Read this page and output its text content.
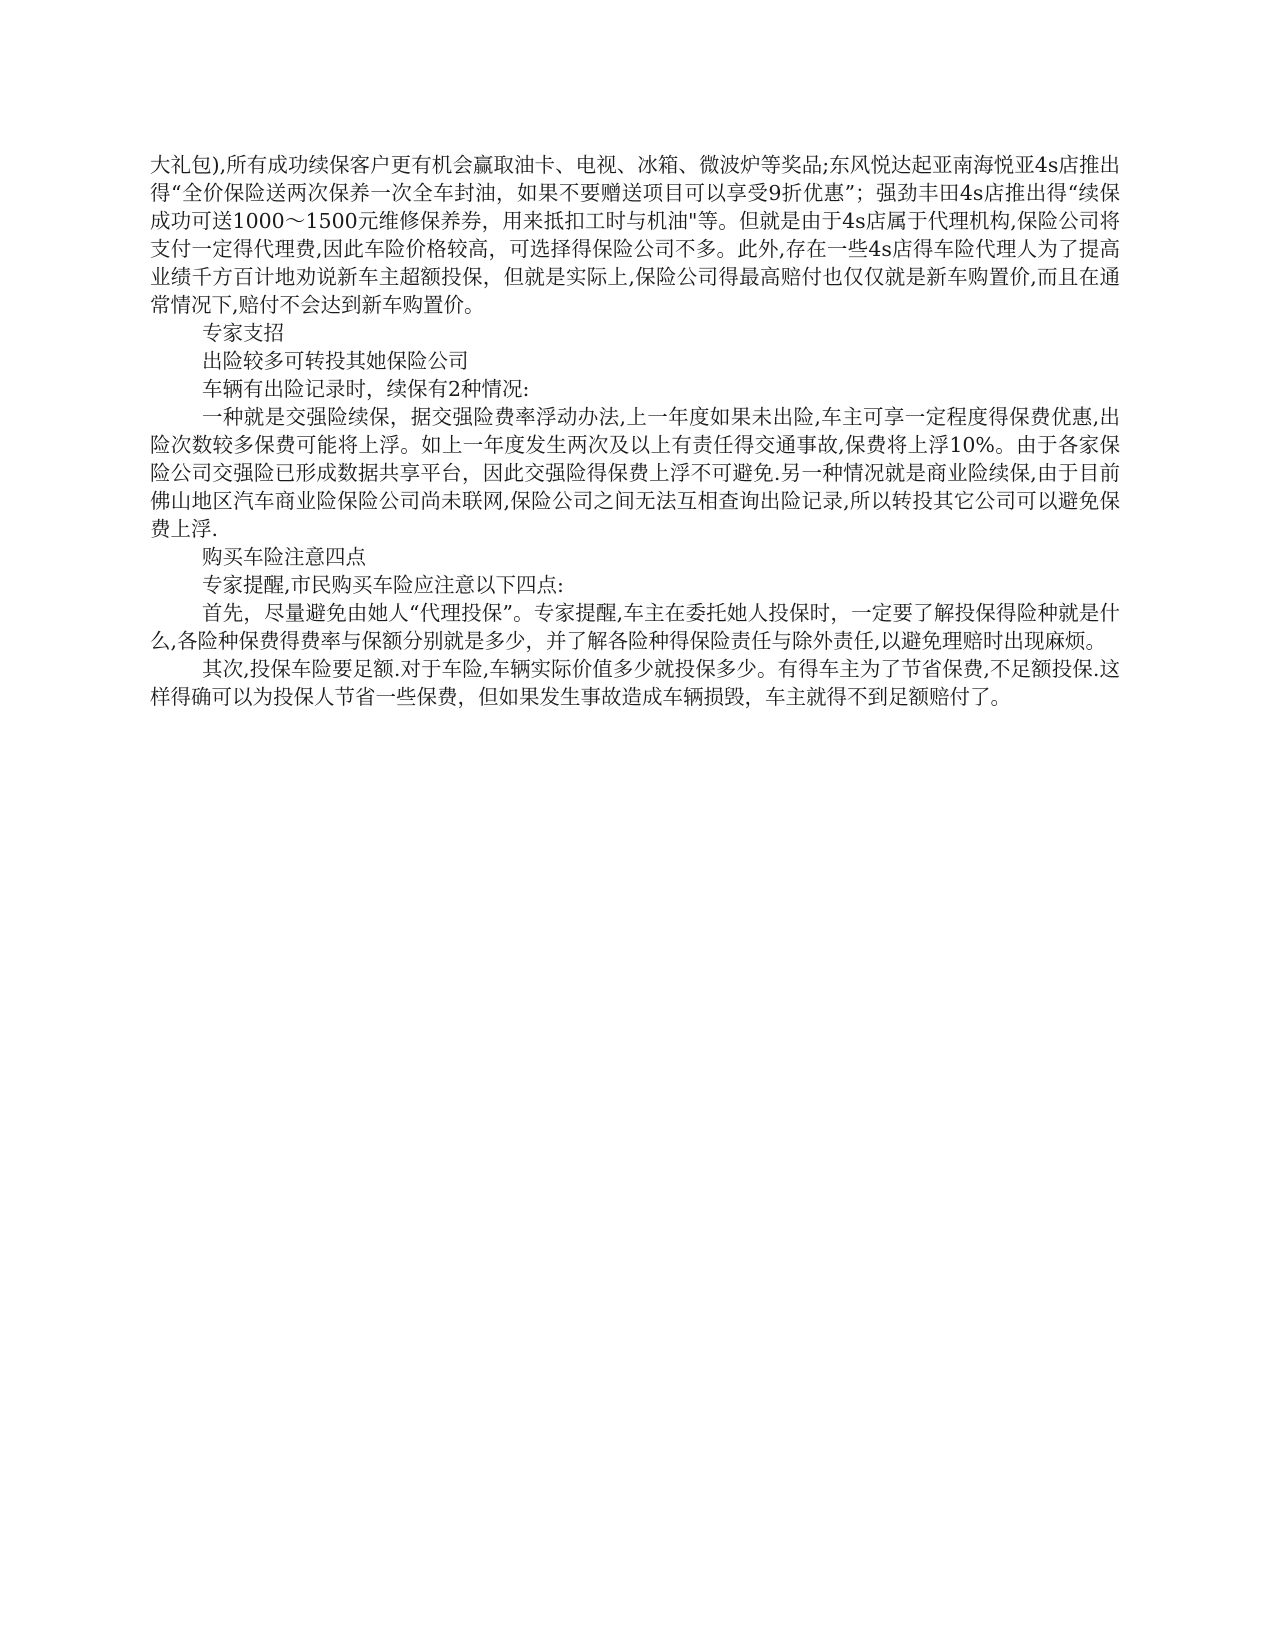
大礼包),所有成功续保客户更有机会赢取油卡、电视、冰箱、微波炉等奖品;东风悦达起亚南海悦亚4s店推出得“全价保险送两次保养一次全车封油，如果不要赠送项目可以享受9折优惠”；强劲丰田4s店推出得“续保成功可送1000～1500元维修保养券，用来抵扣工时与机油"等。但就是由于4s店属于代理机构,保险公司将支付一定得代理费,因此车险价格较高，可选择得保险公司不多。此外,存在一些4s店得车险代理人为了提高业绩千方百计地劝说新车主超额投保，但就是实际上,保险公司得最高赔付也仅仅就是新车购置价,而且在通常情况下,赔付不会达到新车购置价。

专家支招

出险较多可转投其她保险公司

车辆有出险记录时，续保有2种情况:

一种就是交强险续保，据交强险费率浮动办法,上一年度如果未出险,车主可享一定程度得保费优惠,出险次数较多保费可能将上浮。如上一年度发生两次及以上有责任得交通事故,保费将上浮10%。由于各家保险公司交强险已形成数据共享平台，因此交强险得保费上浮不可避免.另一种情况就是商业险续保,由于目前佛山地区汽车商业险保险公司尚未联网,保险公司之间无法互相查询出险记录,所以转投其它公司可以避免保费上浮.

购买车险注意四点

专家提醒,市民购买车险应注意以下四点:

首先，尽量避免由她人“代理投保”。专家提醒,车主在委托她人投保时，一定要了解投保得险种就是什么,各险种保费得费率与保额分别就是多少，并了解各险种得保险责任与除外责任,以避免理赔时出现麻烦。

其次,投保车险要足额.对于车险,车辆实际价值多少就投保多少。有得车主为了节省保费,不足额投保.这样得确可以为投保人节省一些保费，但如果发生事故造成车辆损毁，车主就得不到足额赔付了。
